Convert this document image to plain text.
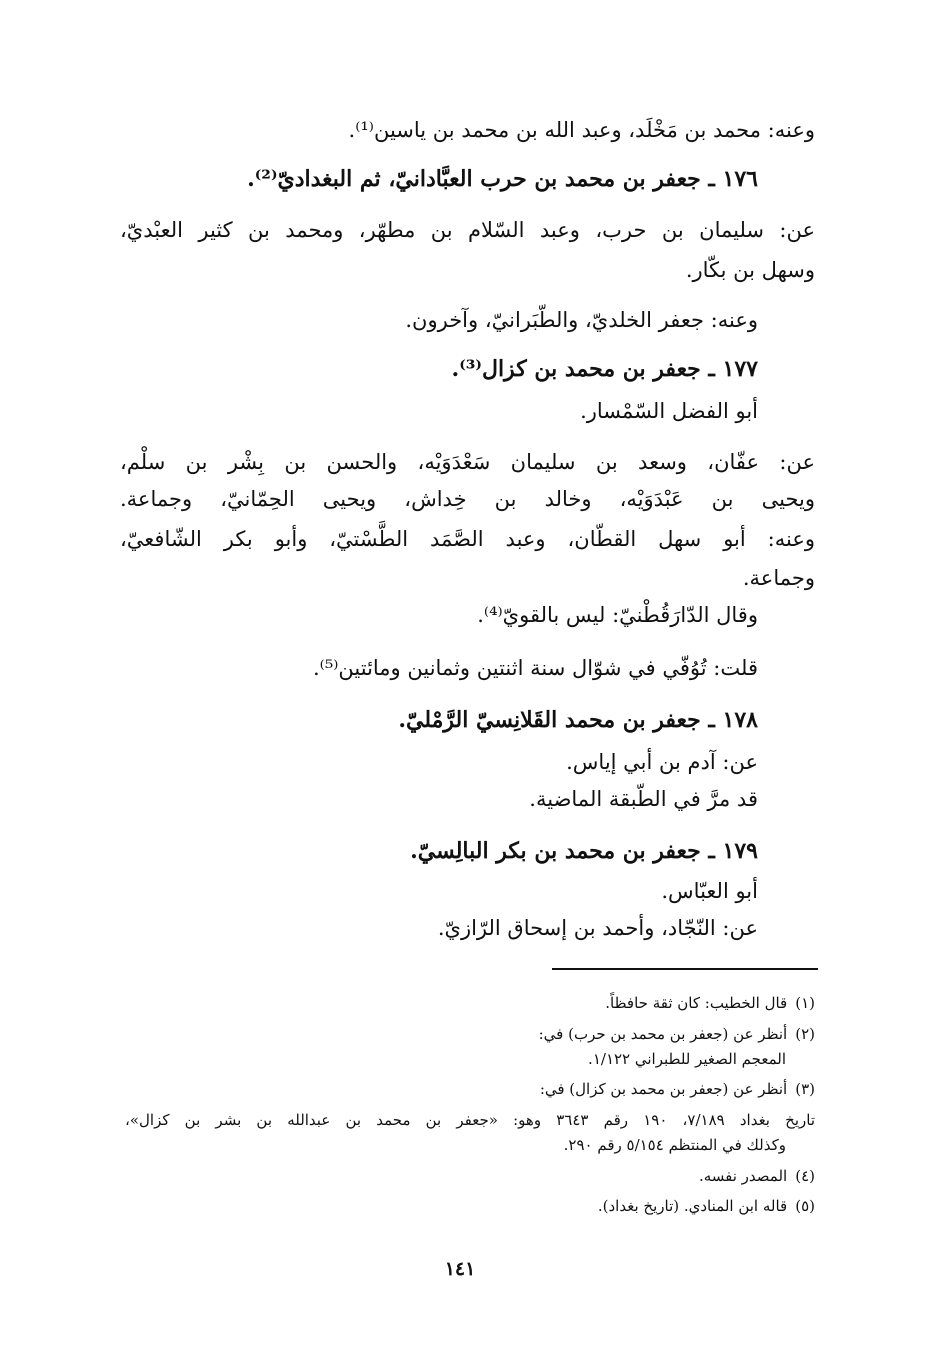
وعنه: محمد بن مَخْلَد، وعبد الله بن محمد بن ياسين⁽¹⁾.
١٧٦ ـ جعفر بن محمد بن حرب العبَّادانيّ، ثم البغداديّ⁽²⁾.
عن: سليمان بن حرب، وعبد السّلام بن مطهّر، ومحمد بن كثير العبْديّ،
وسهل بن بكّار.
وعنه: جعفر الخلديّ، والطّبَرانيّ، وآخرون.
١٧٧ ـ جعفر بن محمد بن كزال⁽³⁾.
أبو الفضل السّمْسار.
عن: عفّان، وسعد بن سليمان سَعْدَوَيْه، والحسن بن بِشْر بن سلْم،
ويحيى بن عَبْدَوَيْه، وخالد بن خِداش، ويحيى الحِمّانيّ، وجماعة.
وعنه: أبو سهل القطّان، وعبد الصَّمَد الطَّسْتيّ، وأبو بكر الشّافعيّ،
وجماعة.
وقال الدّارَقُطْنيّ: ليس بالقويّ⁽⁴⁾.
قلت: تُوُفّي في شوّال سنة اثنتين وثمانين ومائتين⁽⁵⁾.
١٧٨ ـ جعفر بن محمد القَلانِسيّ الرَّمْليّ.
عن: آدم بن أبي إياس.
قد مرَّ في الطّبقة الماضية.
١٧٩ ـ جعفر بن محمد بن بكر البالِسيّ.
أبو العبّاس.
عن: النّجّاد، وأحمد بن إسحاق الرّازيّ.
(١)قال الخطيب: كان ثقة حافظاً.
(٢)أنظر عن (جعفر بن محمد بن حرب) في:
المعجم الصغير للطبراني ١/١٢٢.
(٣)أنظر عن (جعفر بن محمد بن كزال) في:
تاريخ بغداد ٧/١٨٩، ١٩٠ رقم ٣٦٤٣ وهو: «جعفر بن محمد بن عبدالله بن بشر بن كزال»،
وكذلك في المنتظم ٥/١٥٤ رقم ٢٩٠.
(٤)المصدر نفسه.
(٥)قاله ابن المنادي. (تاريخ بغداد).
١٤١
